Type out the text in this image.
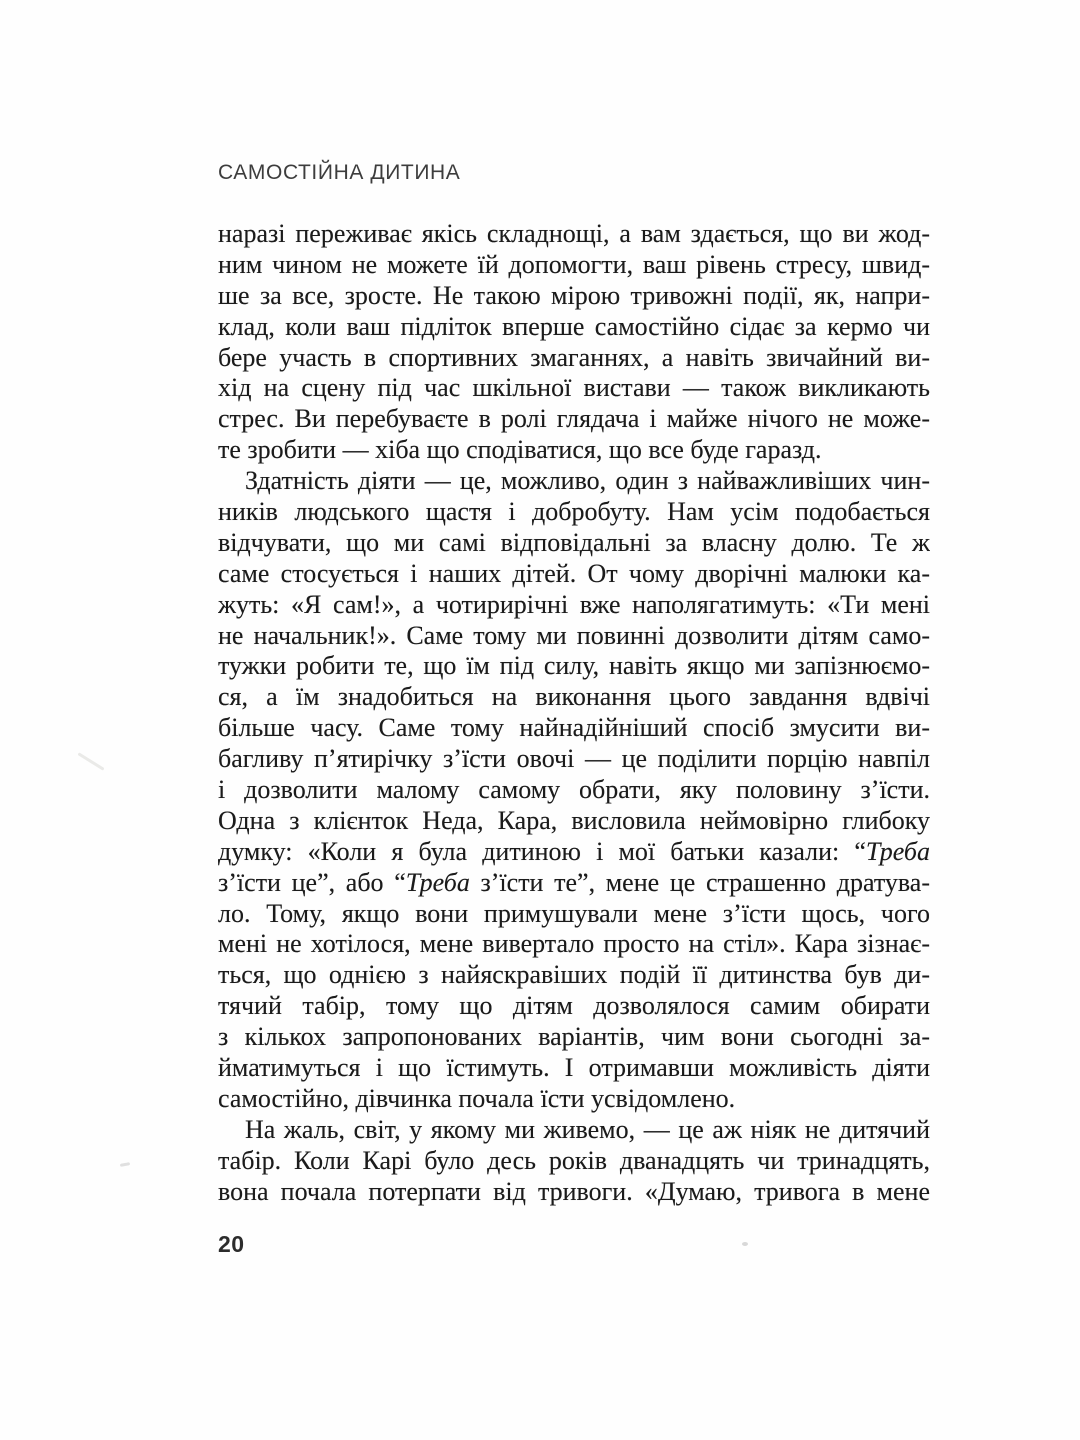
САМОСТІЙНА ДИТИНА
наразі переживає якісь складнощі, а вам здається, що ви жод-
ним чином не можете їй допомогти, ваш рівень стресу, швид-
ше за все, зросте. Не такою мірою тривожні події, як, напри-
клад, коли ваш підліток вперше самостійно сідає за кермо чи
бере участь в спортивних змаганнях, а навіть звичайний ви-
хід на сцену під час шкільної вистави — також викликають
стрес. Ви перебуваєте в ролі глядача і майже нічого не може-
те зробити — хіба що сподіватися, що все буде гаразд.
Здатність діяти — це, можливо, один з найважливіших чин-
ників людського щастя і добробуту. Нам усім подобається
відчувати, що ми самі відповідальні за власну долю. Те ж
саме стосується і наших дітей. От чому дворічні малюки ка-
жуть: «Я сам!», а чотирирічні вже наполягатимуть: «Ти мені
не начальник!». Саме тому ми повинні дозволити дітям само-
тужки робити те, що їм під силу, навіть якщо ми запізнюємо-
ся, а їм знадобиться на виконання цього завдання вдвічі
більше часу. Саме тому найнадійніший спосіб змусити ви-
багливу п’ятирічку з’їсти овочі — це поділити порцію навпіл
і дозволити малому самому обрати, яку половину з’їсти.
Одна з клієнток Неда, Кара, висловила неймовірно глибоку
думку: «Коли я була дитиною і мої батьки казали: “Треба
з’їсти це”, або “Треба з’їсти те”, мене це страшенно дратува-
ло. Тому, якщо вони примушували мене з’їсти щось, чого
мені не хотілося, мене вивертало просто на стіл». Кара зізнає-
ться, що однією з найяскравіших подій її дитинства був ди-
тячий табір, тому що дітям дозволялося самим обирати
з кількох запропонованих варіантів, чим вони сьогодні за-
йматимуться і що їстимуть. І отримавши можливість діяти
самостійно, дівчинка почала їсти усвідомлено.
На жаль, світ, у якому ми живемо, — це аж ніяк не дитячий
табір. Коли Карі було десь років дванадцять чи тринадцять,
вона почала потерпати від тривоги. «Думаю, тривога в мене
20
